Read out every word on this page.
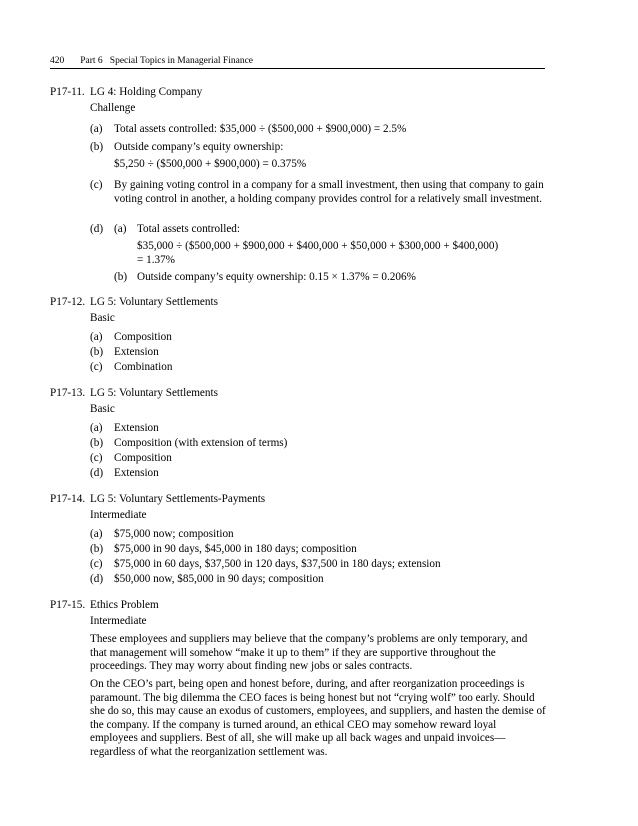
420 Part 6   Special Topics in Managerial Finance
P17-11. LG 4: Holding Company
Challenge
(a) Total assets controlled: $35,000 ÷ ($500,000 + $900,000) = 2.5%
(b) Outside company’s equity ownership:
$5,250 ÷ ($500,000 + $900,000) = 0.375%
(c) By gaining voting control in a company for a small investment, then using that company to gain voting control in another, a holding company provides control for a relatively small investment.
(d) (a) Total assets controlled:
$35,000 ÷ ($500,000 + $900,000 + $400,000 + $50,000 + $300,000 + $400,000)
= 1.37%
(b) Outside company’s equity ownership: 0.15 × 1.37% = 0.206%
P17-12. LG 5: Voluntary Settlements
Basic
(a) Composition
(b) Extension
(c) Combination
P17-13. LG 5: Voluntary Settlements
Basic
(a) Extension
(b) Composition (with extension of terms)
(c) Composition
(d) Extension
P17-14. LG 5: Voluntary Settlements-Payments
Intermediate
(a) $75,000 now; composition
(b) $75,000 in 90 days, $45,000 in 180 days; composition
(c) $75,000 in 60 days, $37,500 in 120 days, $37,500 in 180 days; extension
(d) $50,000 now, $85,000 in 90 days; composition
P17-15. Ethics Problem
Intermediate
These employees and suppliers may believe that the company’s problems are only temporary, and that management will somehow “make it up to them” if they are supportive throughout the proceedings. They may worry about finding new jobs or sales contracts.
On the CEO’s part, being open and honest before, during, and after reorganization proceedings is paramount. The big dilemma the CEO faces is being honest but not “crying wolf” too early. Should she do so, this may cause an exodus of customers, employees, and suppliers, and hasten the demise of the company. If the company is turned around, an ethical CEO may somehow reward loyal employees and suppliers. Best of all, she will make up all back wages and unpaid invoices—regardless of what the reorganization settlement was.
